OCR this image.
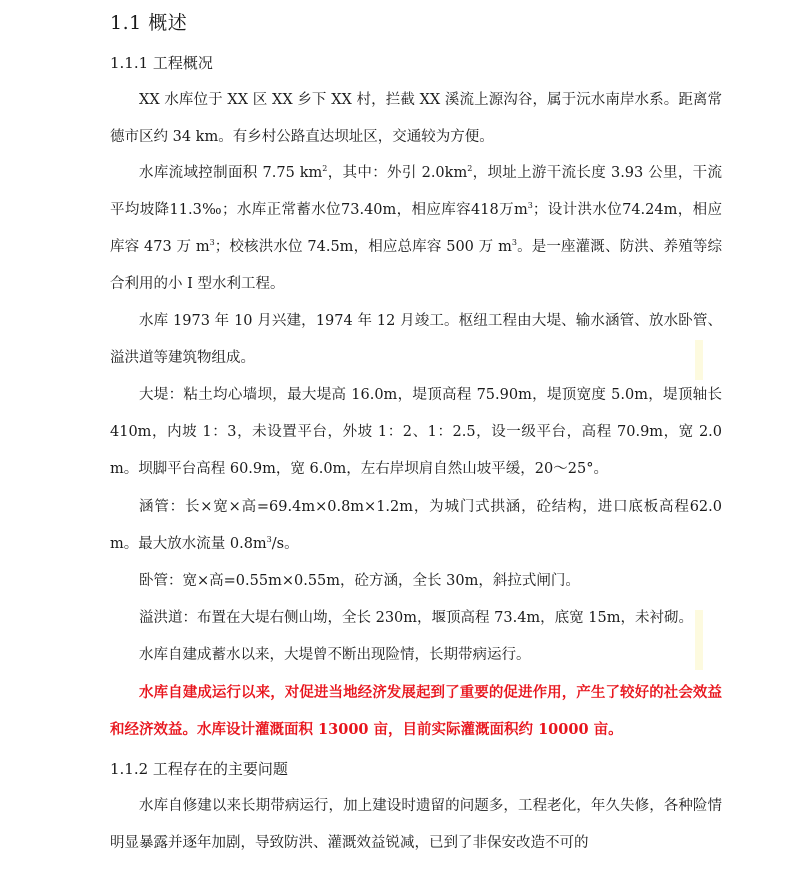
1.1 概述
1.1.1 工程概况

XX 水库位于 XX 区 XX 乡下 XX 村，拦截 XX 溪流上源沟谷，属于沅水南岸水系。距离常德市区约 34 km。有乡村公路直达坝址区，交通较为方便。

水库流域控制面积 7.75 $km^2$，其中：外引 $2.0km^2$，坝址上游干流长度 3.93 公里，干流平均坡降11.3‰；水库正常蓄水位73.40m，相应库容418万$m^3$；设计洪水位74.24m，相应库容 473 万 $m^3$；校核洪水位 74.5m，相应总库容 500 万 $m^3$。是一座灌溉、防洪、养殖等综合利用的小 I 型水利工程。

水库 1973 年 10 月兴建，1974 年 12 月竣工。枢纽工程由大堤、输水涵管、放水卧管、溢洪道等建筑物组成。

大堤：粘土均心墙坝，最大堤高 16.0m，堤顶高程 75.90m，堤顶宽度 5.0m，堤顶轴长 410m，内坡 1：3，未设置平台，外坡 1：2、1：2.5，设一级平台，高程 70.9m，宽 2.0m。坝脚平台高程 60.9m，宽 6.0m，左右岸坝肩自然山坡平缓，20～25°。

涵管：长×宽×高=69.4m×0.8m×1.2m，为城门式拱涵，砼结构，进口底板高程62.0m。最大放水流量 $0.8m^3/s$。

卧管：宽×高=0.55m×0.55m，砼方涵，全长 30m，斜拉式闸门。

溢洪道：布置在大堤右侧山坳，全长 230m，堰顶高程 73.4m，底宽 15m，未衬砌。

水库自建成蓄水以来，大堤曾不断出现险情，长期带病运行。

水库自建成运行以来，对促进当地经济发展起到了重要的促进作用，产生了较好的社会效益和经济效益。水库设计灌溉面积 13000 亩，目前实际灌溉面积约 10000 亩。

1.1.2 工程存在的主要问题

水库自修建以来长期带病运行，加上建设时遗留的问题多，工程老化，年久失修，各种险情明显暴露并逐年加剧，导致防洪、灌溉效益锐减，已到了非保安改造不可的
